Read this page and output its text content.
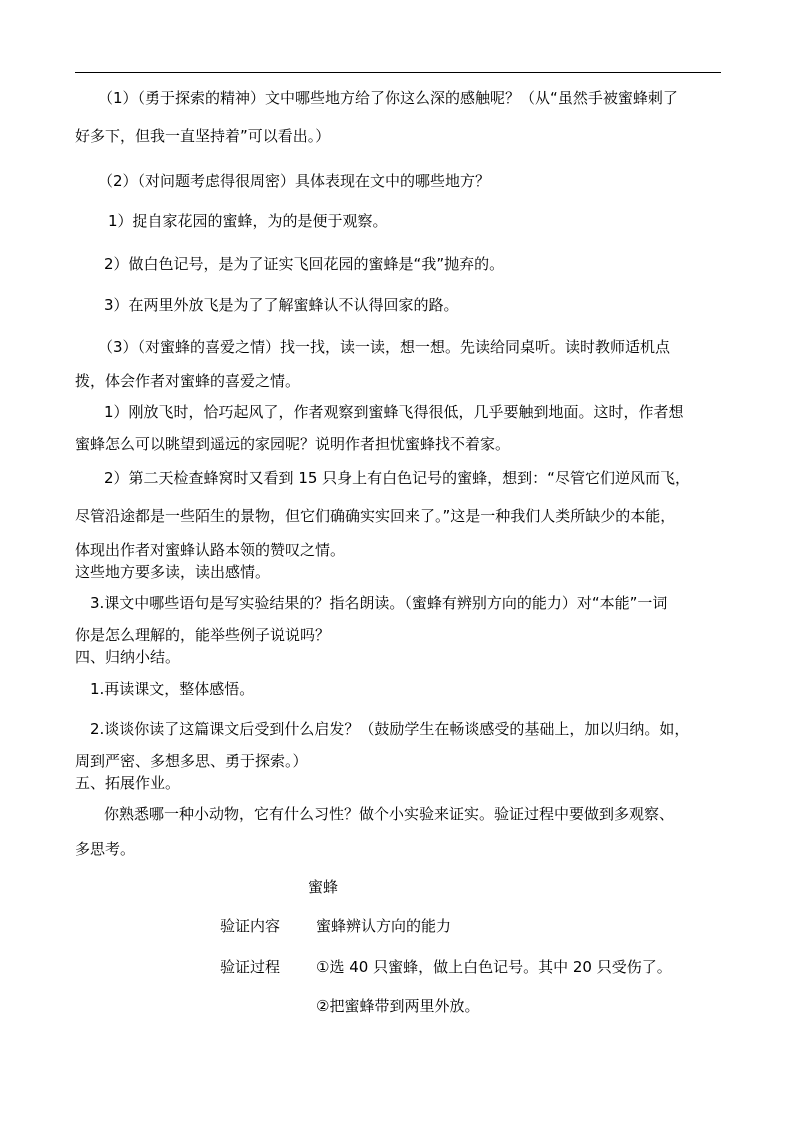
（1）（勇于探索的精神）文中哪些地方给了你这么深的感触呢？（从“虽然手被蜜蜂刺了
好多下，但我一直坚持着”可以看出。）
（2）（对问题考虑得很周密）具体表现在文中的哪些地方？
1）捉自家花园的蜜蜂，为的是便于观察。
2）做白色记号，是为了证实飞回花园的蜜蜂是“我”抛弃的。
3）在两里外放飞是为了了解蜜蜂认不认得回家的路。
（3）（对蜜蜂的喜爱之情）找一找，读一读，想一想。先读给同桌听。读时教师适机点
拨，体会作者对蜜蜂的喜爱之情。
1）刚放飞时，恰巧起风了，作者观察到蜜蜂飞得很低，几乎要触到地面。这时，作者想
蜜蜂怎么可以眺望到遥远的家园呢？说明作者担忧蜜蜂找不着家。
2）第二天检查蜂窝时又看到 15 只身上有白色记号的蜜蜂，想到：“尽管它们逆风而飞，
尽管沿途都是一些陌生的景物，但它们确确实实回来了。”这是一种我们人类所缺少的本能，
体现出作者对蜜蜂认路本领的赞叹之情。
这些地方要多读，读出感情。
3.课文中哪些语句是写实验结果的？指名朗读。（蜜蜂有辨别方向的能力）对“本能”一词
你是怎么理解的，能举些例子说说吗？
四、归纳小结。
1.再读课文，整体感悟。
2.谈谈你读了这篇课文后受到什么启发？（鼓励学生在畅谈感受的基础上，加以归纳。如，
周到严密、多想多思、勇于探索。）
五、拓展作业。
你熟悉哪一种小动物，它有什么习性？做个小实验来证实。验证过程中要做到多观察、
多思考。
蜜蜂
验证内容 蜜蜂辨认方向的能力
验证过程 ①选 40 只蜜蜂，做上白色记号。其中 20 只受伤了。
②把蜜蜂带到两里外放。
